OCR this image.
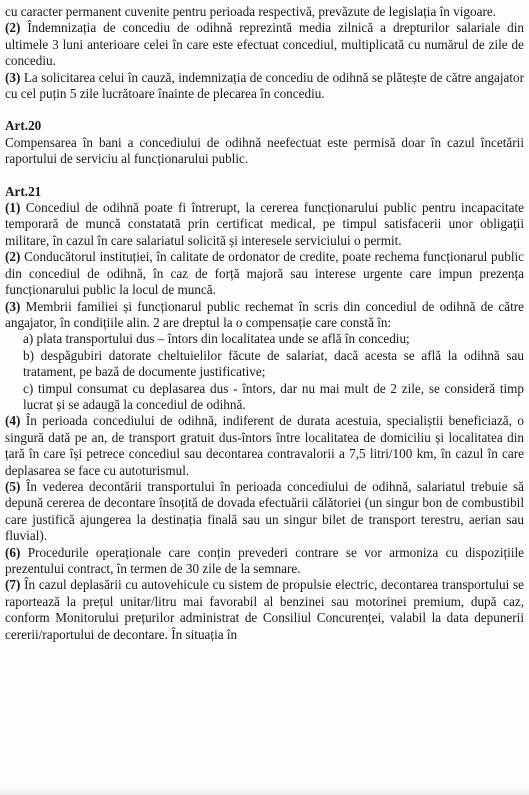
cu caracter permanent cuvenite pentru perioada respectivă, prevăzute de legislația în vigoare.

(2) Îndemnizația de concediu de odihnă reprezintă media zilnică a drepturilor salariale din ultimele 3 luni anterioare celei în care este efectuat concediul, multiplicată cu numărul de zile de concediu.

(3) La solicitarea celui în cauză, indemnizația de concediu de odihnă se plătește de către angajator cu cel puțin 5 zile lucrătoare înainte de plecarea în concediu.

Art.20

Compensarea în bani a concediului de odihnă neefectuat este permisă doar în cazul încetării raportului de serviciu al funcționarului public.

Art.21

(1) Concediul de odihnă poate fi întrerupt, la cererea funcționarului public pentru incapacitate temporară de muncă constatată prin certificat medical, pe timpul satisfacerii unor obligații militare, în cazul în care salariatul solicită și interesele serviciului o permit.

(2) Conducătorul instituției, în calitate de ordonator de credite, poate rechema funcționarul public din concediul de odihnă, în caz de forță majoră sau interese urgente care impun prezența funcționarului public la locul de muncă.

(3) Membrii familiei și funcționarul public rechemat în scris din concediul de odihnă de către angajator, în condițiile alin. 2 are dreptul la o compensație care constă în:

a) plata transportului dus – întors din localitatea unde se află în concediu;

b) despăgubiri datorate cheltuielilor făcute de salariat, dacă acesta se află la odihnă sau tratament, pe bază de documente justificative;

c) timpul consumat cu deplasarea dus - întors, dar nu mai mult de 2 zile, se consideră timp lucrat și se adaugă la concediul de odihnă.

(4) În perioada concediului de odihnă, indiferent de durata acestuia, specialiștii beneficiază, o singură dată pe an, de transport gratuit dus-întors între localitatea de domiciliu și localitatea din țară în care își petrece concediul sau decontarea contravalorii a 7,5 litri/100 km, în cazul în care deplasarea se face cu autoturismul.

(5) În vederea decontării transportului în perioada concediului de odihnă, salariatul trebuie să depună cererea de decontare însoțită de dovada efectuării călătoriei (un singur bon de combustibil care justifică ajungerea la destinația finală sau un singur bilet de transport terestru, aerian sau fluvial).

(6) Procedurile operaționale care conțin prevederi contrare se vor armoniza cu dispozițiile prezentului contract, în termen de 30 zile de la semnare.

(7) În cazul deplasării cu autovehicule cu sistem de propulsie electric, decontarea transportului se raportează la prețul unitar/litru mai favorabil al benzinei sau motorinei premium, după caz, conform Monitorului prețurilor administrat de Consiliul Concurenței, valabil la data depunerii cererii/raportului de decontare. În situația în
